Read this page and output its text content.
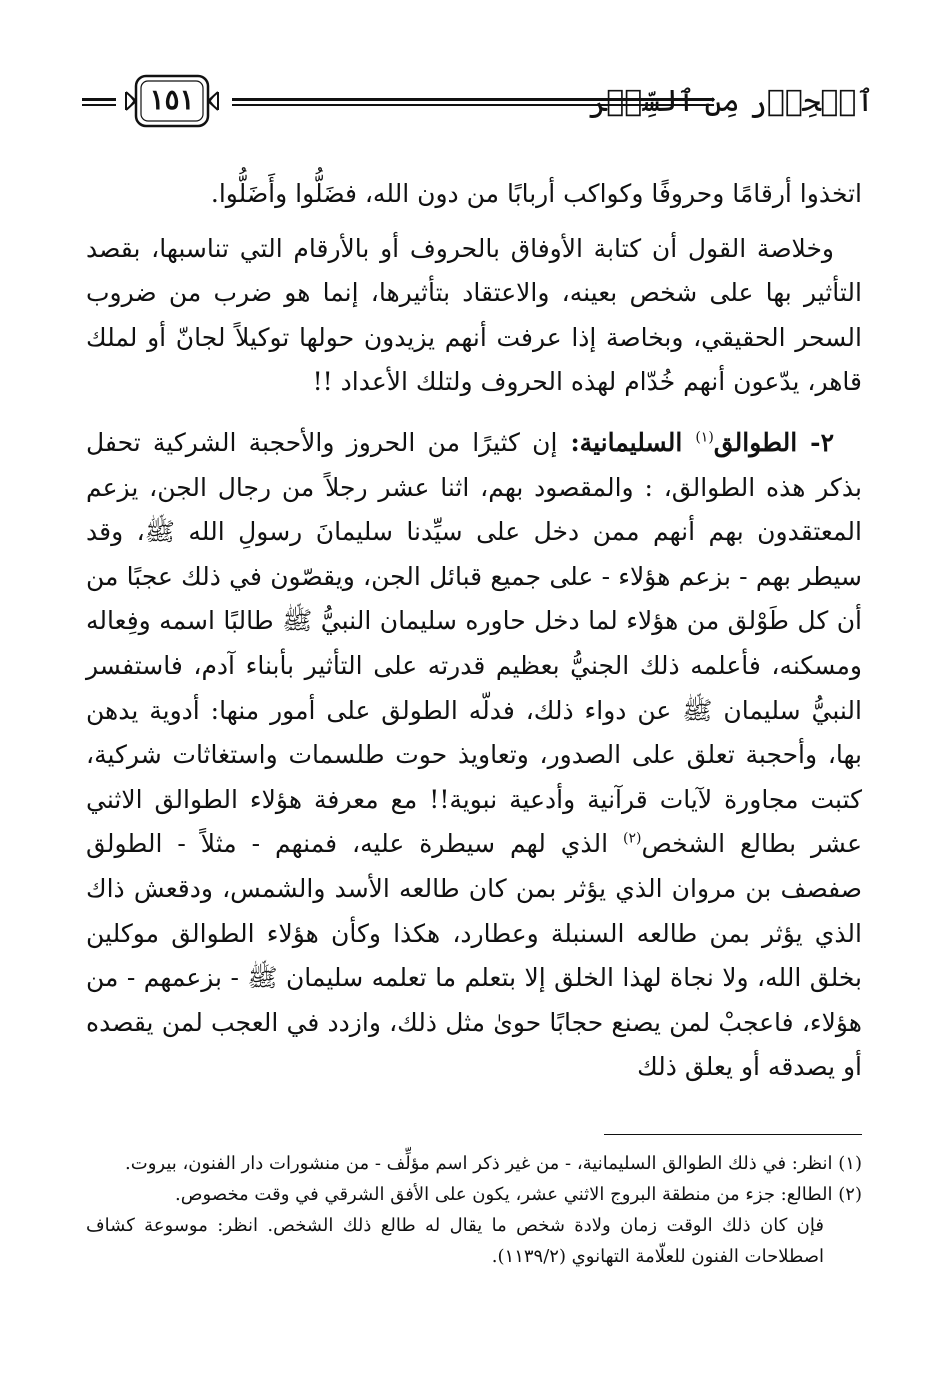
ٱلۡحِذۡر مِن ٱلسِّحۡر
١٥١

اتخذوا أرقامًا وحروفًا وكواكب أربابًا من دون الله، فضَلُّوا وأَضَلُّوا.

وخلاصة القول أن كتابة الأوفاق بالحروف أو بالأرقام التي تناسبها، بقصد التأثير بها على شخص بعينه، والاعتقاد بتأثيرها، إنما هو ضرب من ضروب السحر الحقيقي، وبخاصة إذا عرفت أنهم يزيدون حولها توكيلاً لجانّ أو لملك قاهر، يدّعون أنهم خُدّام لهذه الحروف ولتلك الأعداد !!

٢- الطوالق$^{(١)}$ السليمانية: إن كثيرًا من الحروز والأحجبة الشركية تحفل بذكر هذه الطوالق، : والمقصود بهم، اثنا عشر رجلاً من رجال الجن، يزعم المعتقدون بهم أنهم ممن دخل على سيِّدنا سليمانَ رسولِ الله ﷺ، وقد سيطر بهم - بزعم هؤلاء - على جميع قبائل الجن، ويقصّون في ذلك عجبًا من أن كل طَوْلق من هؤلاء لما دخل حاوره سليمان النبيُّ ﷺ طالبًا اسمه وفِعاله ومسكنه، فأعلمه ذلك الجنيُّ بعظيم قدرته على التأثير بأبناء آدم، فاستفسر النبيُّ سليمان ﷺ عن دواء ذلك، فدلّه الطولق على أمور منها: أدوية يدهن بها، وأحجبة تعلق على الصدور، وتعاويذ حوت طلسمات واستغاثات شركية، كتبت مجاورة لآيات قرآنية وأدعية نبوية!! مع معرفة هؤلاء الطوالق الاثني عشر بطالع الشخص$^{(٢)}$ الذي لهم سيطرة عليه، فمنهم - مثلاً - الطولق صفصف بن مروان الذي يؤثر بمن كان طالعه الأسد والشمس، ودقعش ذاك الذي يؤثر بمن طالعه السنبلة وعطارد، هكذا وكأن هؤلاء الطوالق موكلين بخلق الله، ولا نجاة لهذا الخلق إلا بتعلم ما تعلمه سليمان ﷺ - بزعمهم - من هؤلاء، فاعجبْ لمن يصنع حجابًا حوىٰ مثل ذلك، وازدد في العجب لمن يقصده أو يصدقه أو يعلق ذلك

(١) انظر: في ذلك الطوالق السليمانية، - من غير ذكر اسم مؤلِّف - من منشورات دار الفنون، بيروت.

(٢) الطالع: جزء من منطقة البروج الاثني عشر، يكون على الأفق الشرقي في وقت مخصوص.

فإن كان ذلك الوقت زمان ولادة شخص ما يقال له طالع ذلك الشخص. انظر: موسوعة كشاف اصطلاحات الفنون للعلّامة التهانوي (١١٣٩/٢).
